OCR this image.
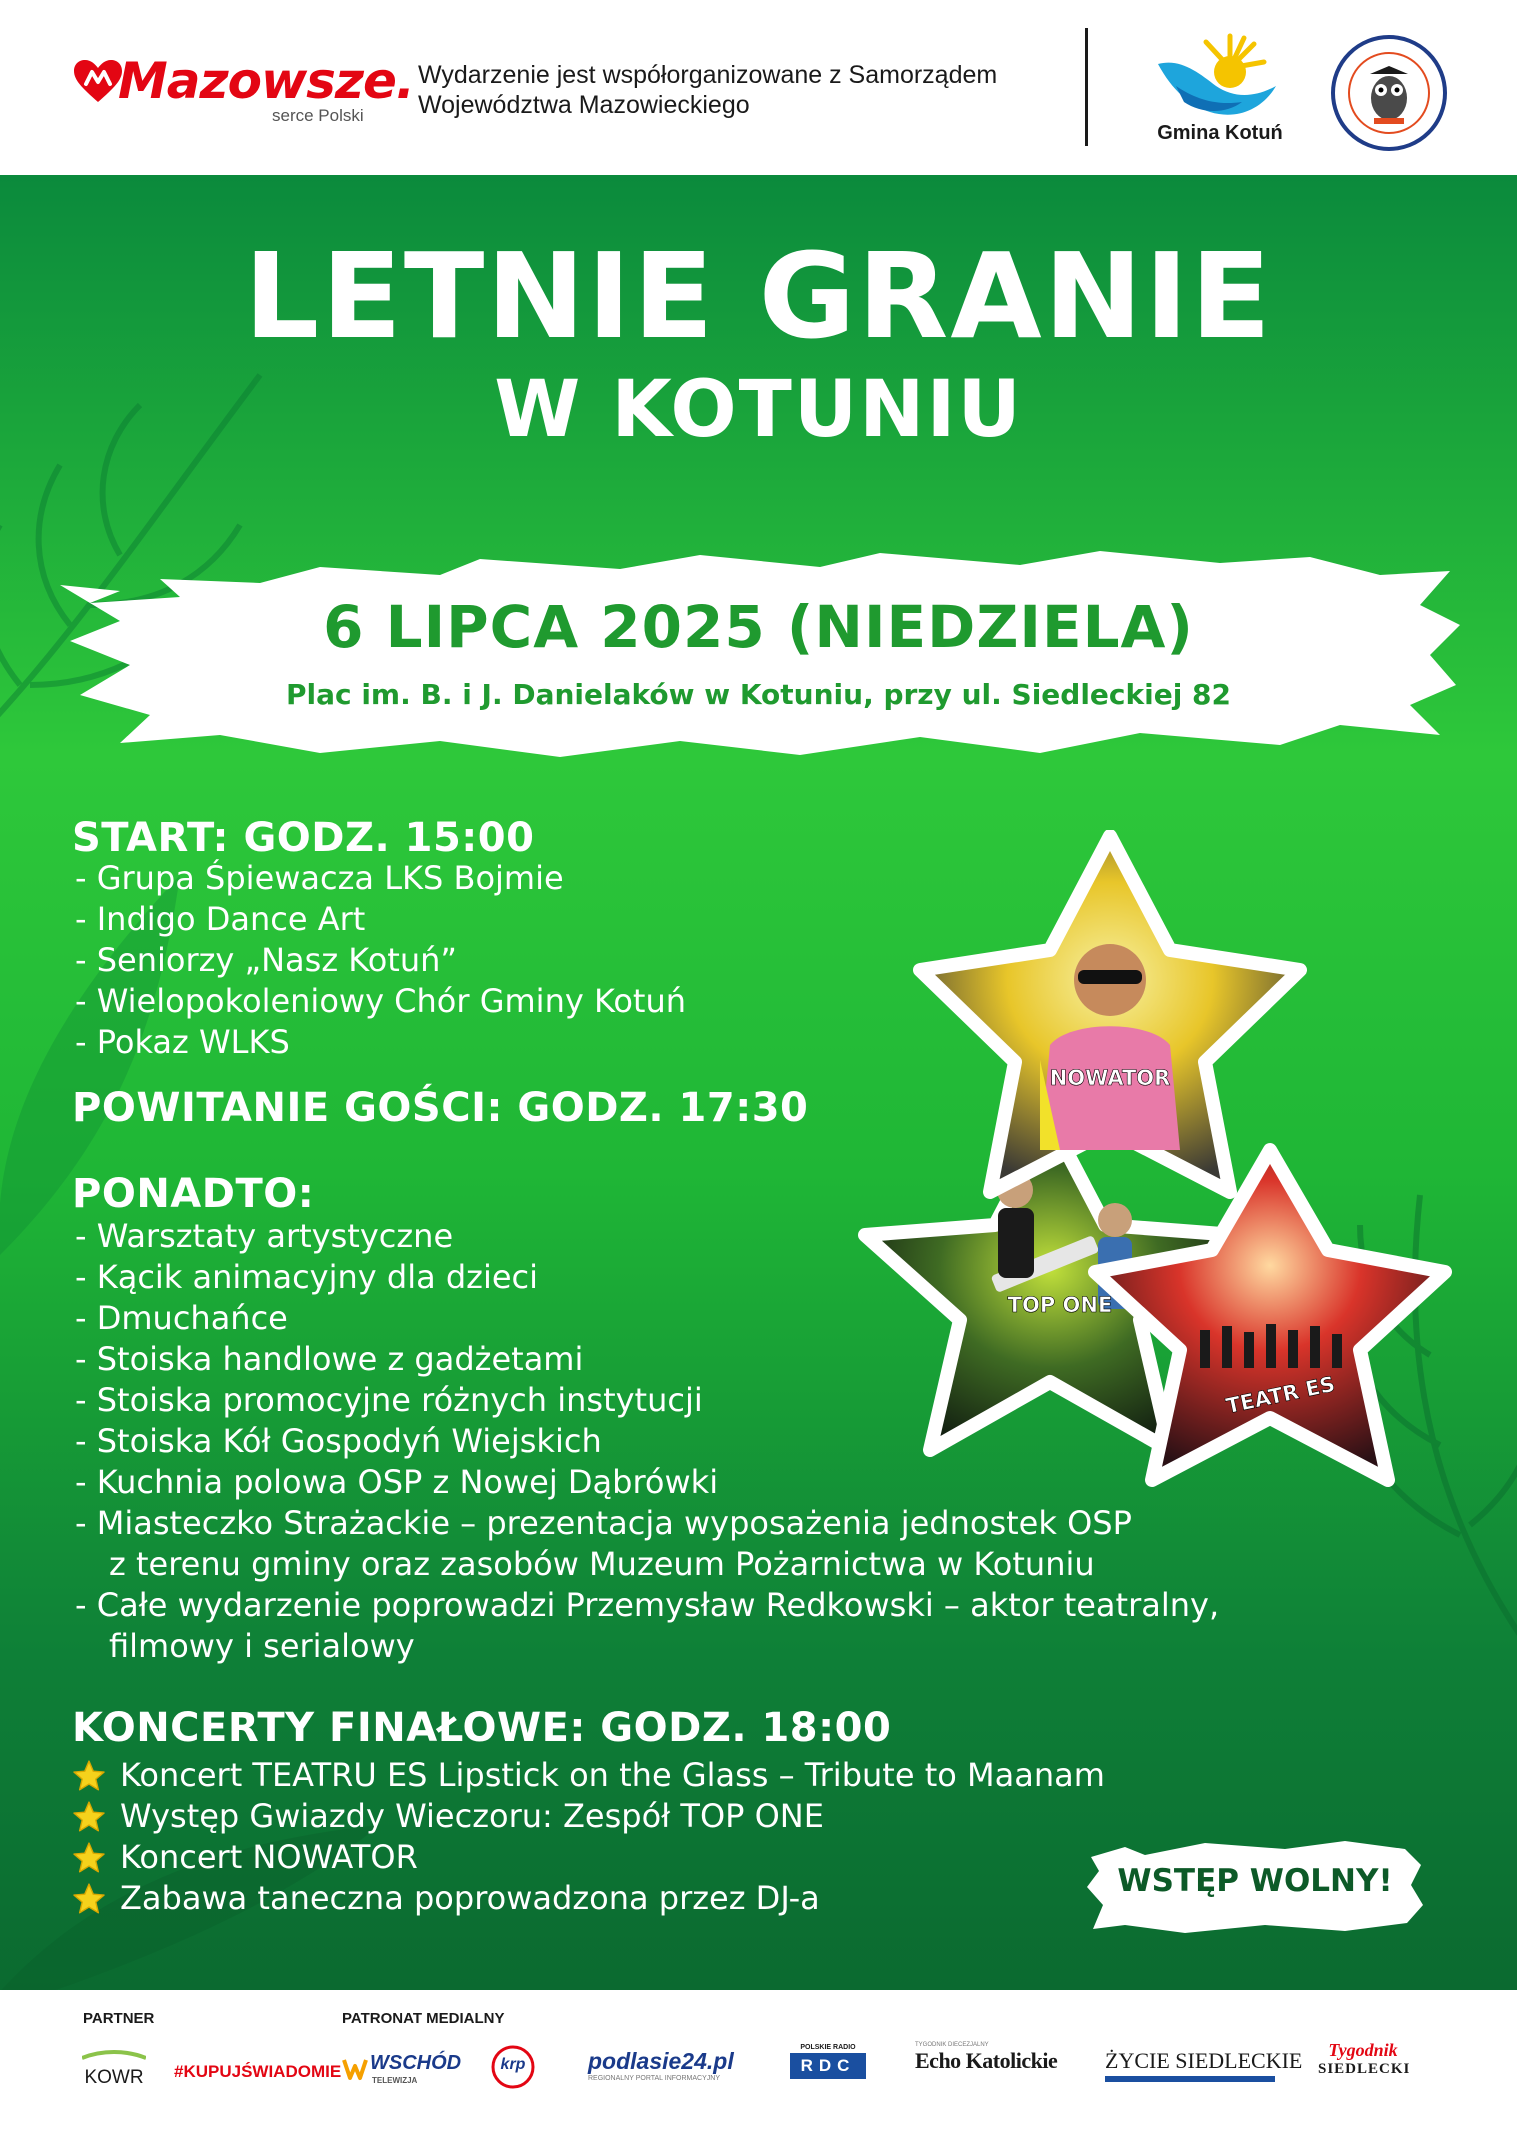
Mazowsze.
serce Polski
Wydarzenie jest współorganizowane z Samorządem Województwa Mazowieckiego
Gmina Kotuń
LETNIE GRANIE
W KOTUNIU
6 LIPCA 2025 (NIEDZIELA)
Plac im. B. i J. Danielaków w Kotuniu, przy ul. Siedleckiej 82
START: GODZ. 15:00
- Grupa Śpiewacza LKS Bojmie
- Indigo Dance Art
- Seniorzy „Nasz Kotuń”
- Wielopokoleniowy Chór Gminy Kotuń
- Pokaz WLKS
POWITANIE GOŚCI: GODZ. 17:30
PONADTO:
- Warsztaty artystyczne
- Kącik animacyjny dla dzieci
- Dmuchańce
- Stoiska handlowe z gadżetami
- Stoiska promocyjne różnych instytucji
- Stoiska Kół Gospodyń Wiejskich
- Kuchnia polowa OSP z Nowej Dąbrówki
- Miasteczko Strażackie – prezentacja wyposażenia jednostek OSP
z terenu gminy oraz zasobów Muzeum Pożarnictwa w Kotuniu
- Całe wydarzenie poprowadzi Przemysław Redkowski – aktor teatralny,
filmowy i serialowy
KONCERTY FINAŁOWE: GODZ. 18:00
Koncert TEATRU ES Lipstick on the Glass – Tribute to Maanam
Występ Gwiazdy Wieczoru: Zespół TOP ONE
Koncert NOWATOR
Zabawa taneczna poprowadzona przez DJ-a	WSTĘP WOLNY!
NOWATOR
TOP ONE
TEATR ES
PARTNER	PATRONAT MEDIALNY
KOWR #KUPUJŚWIADOMIE WSCHÓD
TELEWIZJA
krp	podlasie24.pl
REGIONALNY PORTAL INFORMACYJNY
POLSKIE RADIO
RDC
TYGODNIK DIECEZJALNY
Echo Katolickie	ŻYCIE SIEDLECKIE	Tygodnik
SIEDLECKI
